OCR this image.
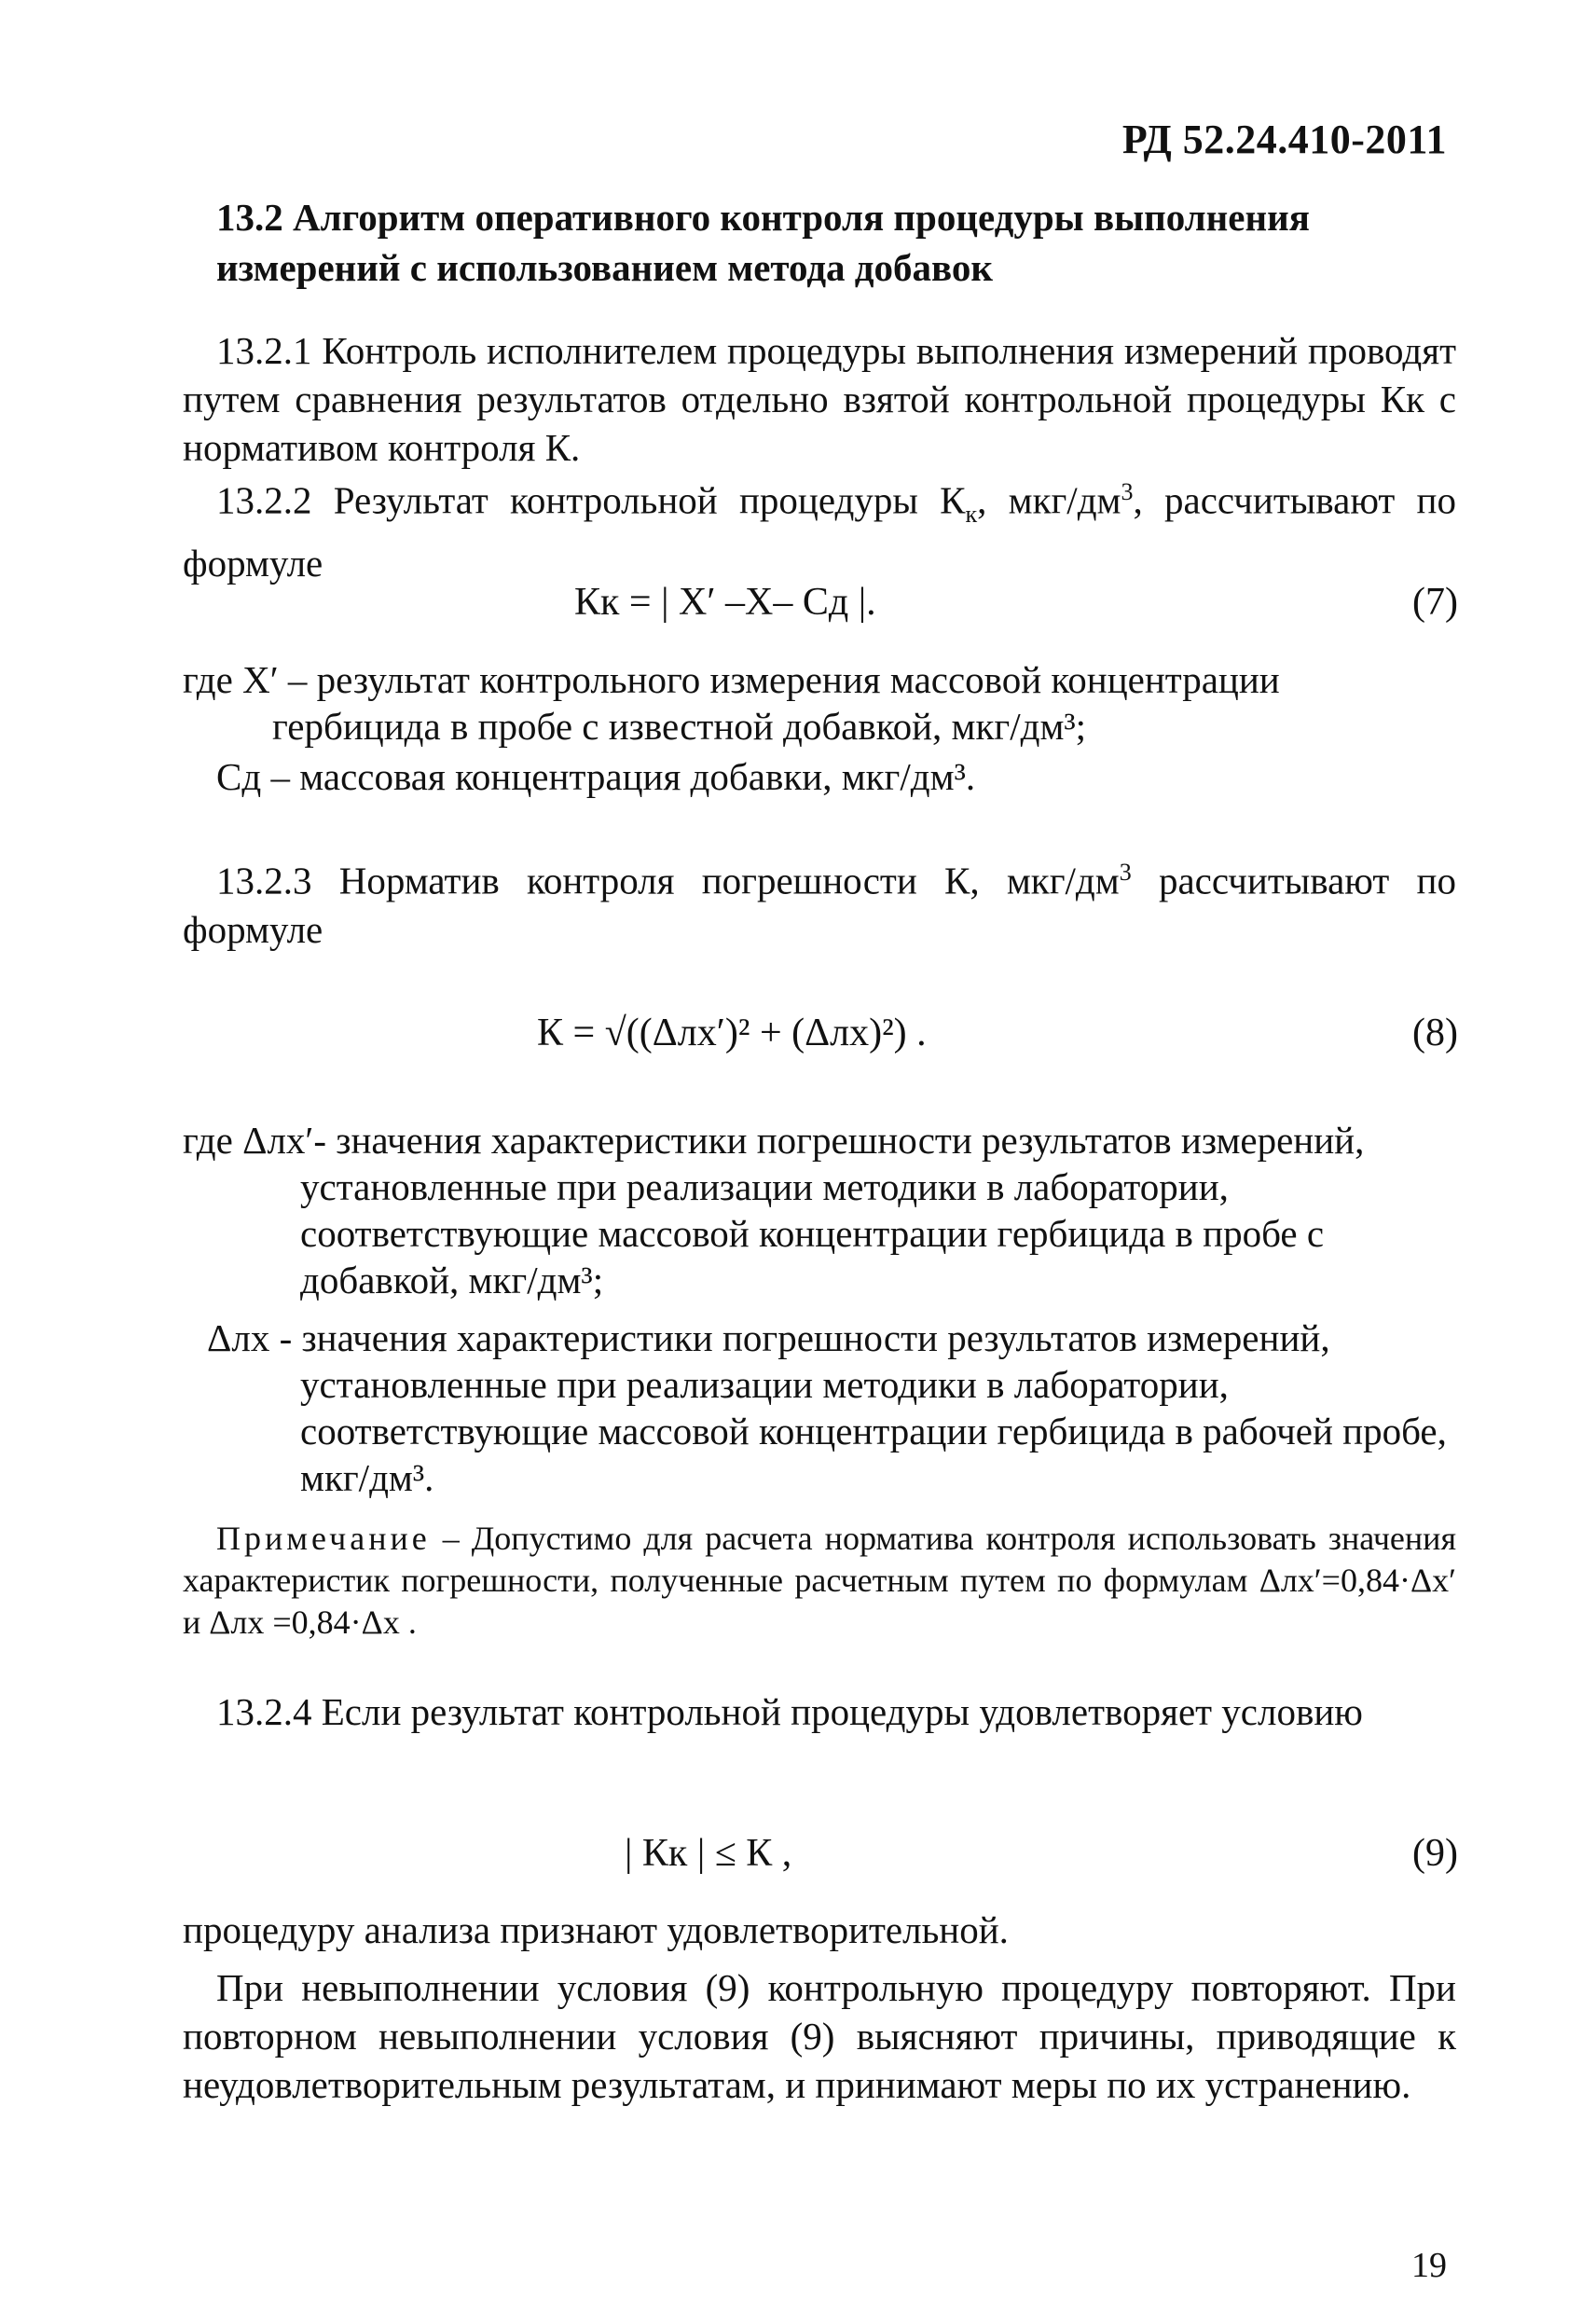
РД 52.24.410-2011
13.2 Алгоритм оперативного контроля процедуры выполнения измерений с использованием метода добавок
13.2.1 Контроль исполнителем процедуры выполнения измерений проводят путем сравнения результатов отдельно взятой контрольной процедуры Кк с нормативом контроля К.
13.2.2 Результат контрольной процедуры $К_к$, мкг/$дм^3$, рассчитывают по формуле
Кк = | X′ –X– Сд |.	(7)
где X′ – результат контрольного измерения массовой концентрации гербицида в пробе с известной добавкой, мкг/дм³;
Сд – массовая концентрация добавки, мкг/дм³.
13.2.3 Норматив контроля погрешности К, мкг/$дм^3$ рассчитывают по формуле
К = √((Δлх′)² + (Δлх)²) .	(8)
где Δлх′- значения характеристики погрешности результатов измерений, установленные при реализации методики в лаборатории, соответствующие массовой концентрации гербицида в пробе с добавкой, мкг/дм³;
Δлх - значения характеристики погрешности результатов измерений, установленные при реализации методики в лаборатории, соответствующие массовой концентрации гербицида в рабочей пробе, мкг/дм³.
Примечание – Допустимо для расчета норматива контроля использовать значения характеристик погрешности, полученные расчетным путем по формулам Δлх′=0,84·Δх′ и Δлх =0,84·Δх .
13.2.4 Если результат контрольной процедуры удовлетворяет условию
| Кк | ≤ К ,	(9)
процедуру анализа признают удовлетворительной.
При невыполнении условия (9) контрольную процедуру повторяют. При повторном невыполнении условия (9) выясняют причины, приводящие к неудовлетворительным результатам, и принимают меры по их устранению.
19
